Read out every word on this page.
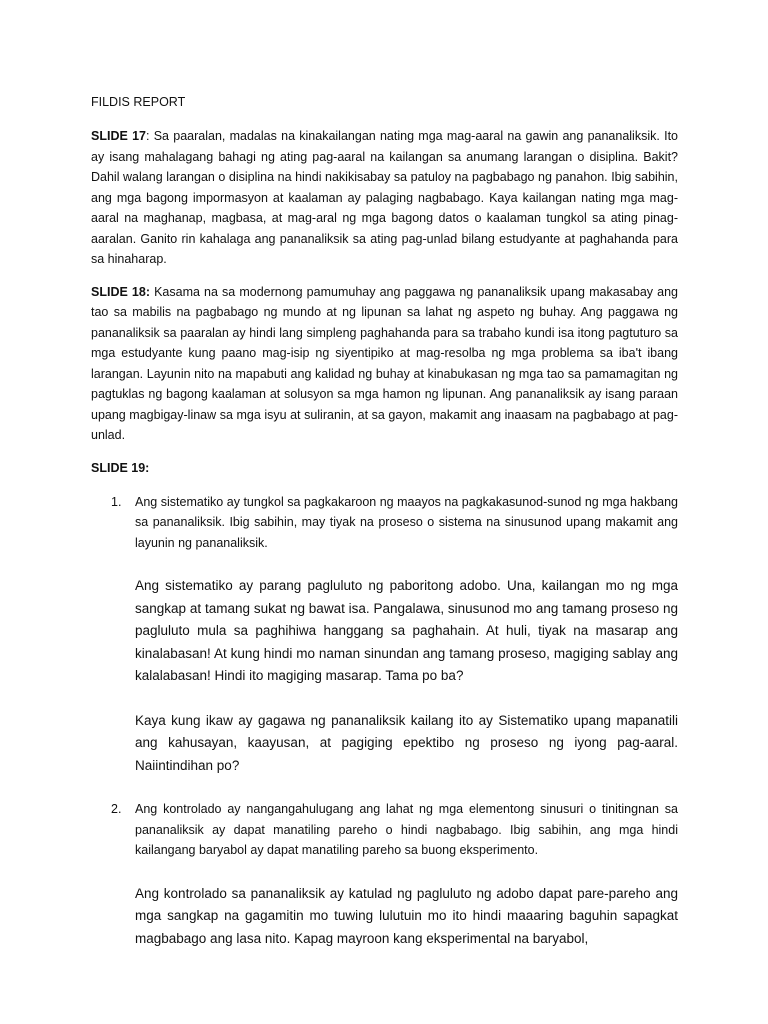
FILDIS REPORT

SLIDE 17: Sa paaralan, madalas na kinakailangan nating mga mag-aaral na gawin ang pananaliksik. Ito ay isang mahalagang bahagi ng ating pag-aaral na kailangan sa anumang larangan o disiplina. Bakit? Dahil walang larangan o disiplina na hindi nakikisabay sa patuloy na pagbabago ng panahon. Ibig sabihin, ang mga bagong impormasyon at kaalaman ay palaging nagbabago. Kaya kailangan nating mga mag-aaral na maghanap, magbasa, at mag-aral ng mga bagong datos o kaalaman tungkol sa ating pinag-aaralan. Ganito rin kahalaga ang pananaliksik sa ating pag-unlad bilang estudyante at paghahanda para sa hinaharap.

SLIDE 18: Kasama na sa modernong pamumuhay ang paggawa ng pananaliksik upang makasabay ang tao sa mabilis na pagbabago ng mundo at ng lipunan sa lahat ng aspeto ng buhay. Ang paggawa ng pananaliksik sa paaralan ay hindi lang simpleng paghahanda para sa trabaho kundi isa itong pagtuturo sa mga estudyante kung paano mag-isip ng siyentipiko at mag-resolba ng mga problema sa iba't ibang larangan. Layunin nito na mapabuti ang kalidad ng buhay at kinabukasan ng mga tao sa pamamagitan ng pagtuklas ng bagong kaalaman at solusyon sa mga hamon ng lipunan. Ang pananaliksik ay isang paraan upang magbigay-linaw sa mga isyu at suliranin, at sa gayon, makamit ang inaasam na pagbabago at pag-unlad.

SLIDE 19:
1. Ang sistematiko ay tungkol sa pagkakaroon ng maayos na pagkakasunod-sunod ng mga hakbang sa pananaliksik. Ibig sabihin, may tiyak na proseso o sistema na sinusunod upang makamit ang layunin ng pananaliksik.

Ang sistematiko ay parang pagluluto ng paboritong adobo. Una, kailangan mo ng mga sangkap at tamang sukat ng bawat isa. Pangalawa, sinusunod mo ang tamang proseso ng pagluluto mula sa paghihiwa hanggang sa paghahain. At huli, tiyak na masarap ang kinalabasan! At kung hindi mo naman sinundan ang tamang proseso, magiging sablay ang kalalabasan! Hindi ito magiging masarap. Tama po ba?

Kaya kung ikaw ay gagawa ng pananaliksik kailang ito ay Sistematiko upang mapanatili ang kahusayan, kaayusan, at pagiging epektibo ng proseso ng iyong pag-aaral. Naiintindihan po?

2. Ang kontrolado ay nangangahulugang ang lahat ng mga elementong sinusuri o tinitingnan sa pananaliksik ay dapat manatiling pareho o hindi nagbabago. Ibig sabihin, ang mga hindi kailangang baryabol ay dapat manatiling pareho sa buong eksperimento.

Ang kontrolado sa pananaliksik ay katulad ng pagluluto ng adobo dapat pare-pareho ang mga sangkap na gagamitin mo tuwing lulutuin mo ito hindi maaaring baguhin sapagkat magbabago ang lasa nito. Kapag mayroon kang eksperimental na baryabol,
